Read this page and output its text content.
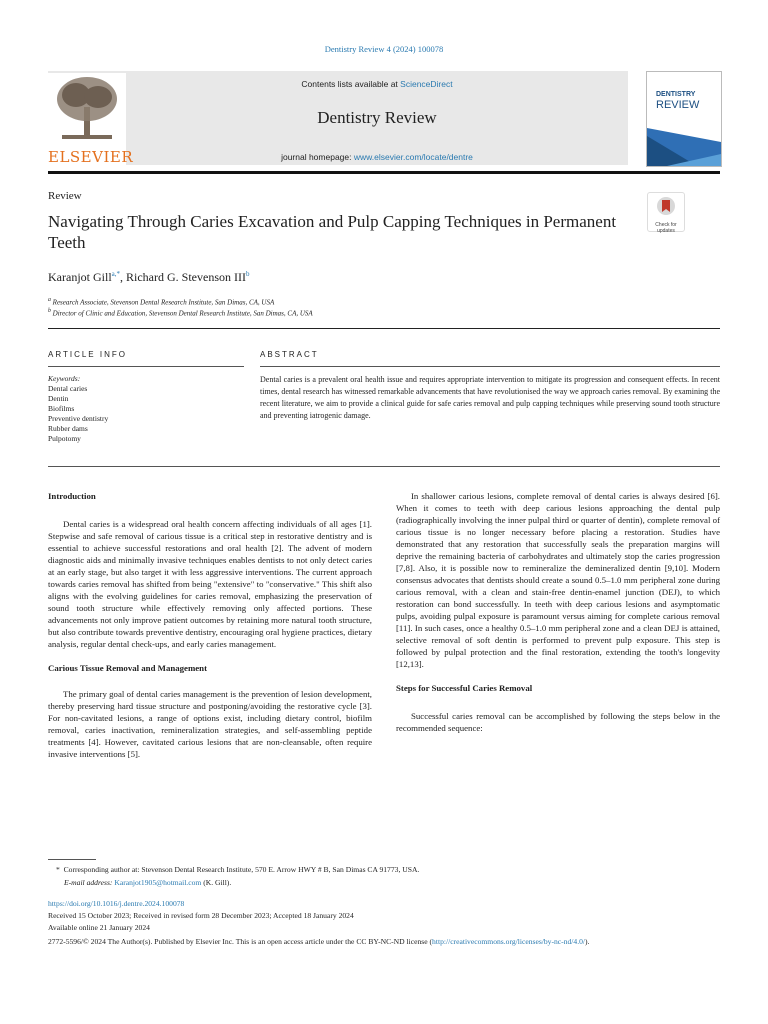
Dentistry Review 4 (2024) 100078
ELSEVIER
Contents lists available at ScienceDirect
Dentistry Review
journal homepage: www.elsevier.com/locate/dentre
DENTISTRY
REVIEW
Review
Navigating Through Caries Excavation and Pulp Capping Techniques in Permanent Teeth
Check for updates
Karanjot Gill$^{a,*}$, Richard G. Stevenson III$^b$
$^a$ Research Associate, Stevenson Dental Research Institute, San Dimas, CA, USA
$^b$ Director of Clinic and Education, Stevenson Dental Research Institute, San Dimas, CA, USA
ARTICLE INFO	ABSTRACT
Keywords:
Dental caries
Dentin
Biofilms
Preventive dentistry
Rubber dams
Pulpotomy
Dental caries is a prevalent oral health issue and requires appropriate intervention to mitigate its progression and consequent effects. In recent times, dental research has witnessed remarkable advancements that have revolutionised the way we approach caries removal. By examining the recent literature, we aim to provide a clinical guide for safe caries removal and pulp capping techniques while preserving sound tooth structure and preventing iatrogenic damage.
Introduction

Dental caries is a widespread oral health concern affecting individuals of all ages [1]. Stepwise and safe removal of carious tissue is a critical step in restorative dentistry and is essential to achieve successful restorations and oral health [2]. The advent of modern diagnostic aids and minimally invasive techniques enables dentists to not only detect caries at an early stage, but also target it with less aggressive interventions. The current approach towards caries removal has shifted from being "extensive" to "conservative." This shift also aligns with the evolving guidelines for caries removal, emphasizing the preservation of sound tooth structure while effectively removing only affected portions. These advancements not only improve patient outcomes by retaining more natural tooth structure, but also contribute towards preventive dentistry, encouraging oral hygiene practices, dietary analysis, regular dental check-ups, and early caries management.

Carious Tissue Removal and Management

The primary goal of dental caries management is the prevention of lesion development, thereby preserving hard tissue structure and postponing/avoiding the restorative cycle [3]. For non-cavitated lesions, a range of options exist, including dietary control, biofilm removal, caries inactivation, remineralization strategies, and self-assembling peptide treatments [4]. However, cavitated carious lesions that are non-cleansable, often require invasive interventions [5].

In shallower carious lesions, complete removal of dental caries is always desired [6]. When it comes to teeth with deep carious lesions approaching the dental pulp (radiographically involving the inner pulpal third or quarter of dentin), complete removal of carious tissue is no longer necessary before placing a restoration. Studies have demonstrated that any restoration that successfully seals the preparation margins will deprive the remaining bacteria of carbohydrates and ultimately stop the caries progression [7,8]. Also, it is possible now to remineralize the demineralized dentin [9,10]. Modern consensus advocates that dentists should create a sound 0.5–1.0 mm peripheral zone during carious removal, with a clean and stain-free dentin-enamel junction (DEJ), to which restoration can bond successfully. In teeth with deep carious lesions and asymptomatic pulps, avoiding pulpal exposure is paramount versus aiming for complete carious removal [11]. In such cases, once a healthy 0.5–1.0 mm peripheral zone and a clean DEJ is attained, selective removal of soft dentin is performed to prevent pulp exposure. This step is followed by pulpal protection and the final restoration, extending the tooth's longevity [12,13].

Steps for Successful Caries Removal

Successful caries removal can be accomplished by following the steps below in the recommended sequence:

*  Corresponding author at: Stevenson Dental Research Institute, 570 E. Arrow HWY # B, San Dimas CA 91773, USA.
E-mail address: Karanjot1905@hotmail.com (K. Gill).
https://doi.org/10.1016/j.dentre.2024.100078
Received 15 October 2023; Received in revised form 28 December 2023; Accepted 18 January 2024
Available online 21 January 2024
2772-5596/© 2024 The Author(s). Published by Elsevier Inc. This is an open access article under the CC BY-NC-ND license (http://creativecommons.org/licenses/by-nc-nd/4.0/).
